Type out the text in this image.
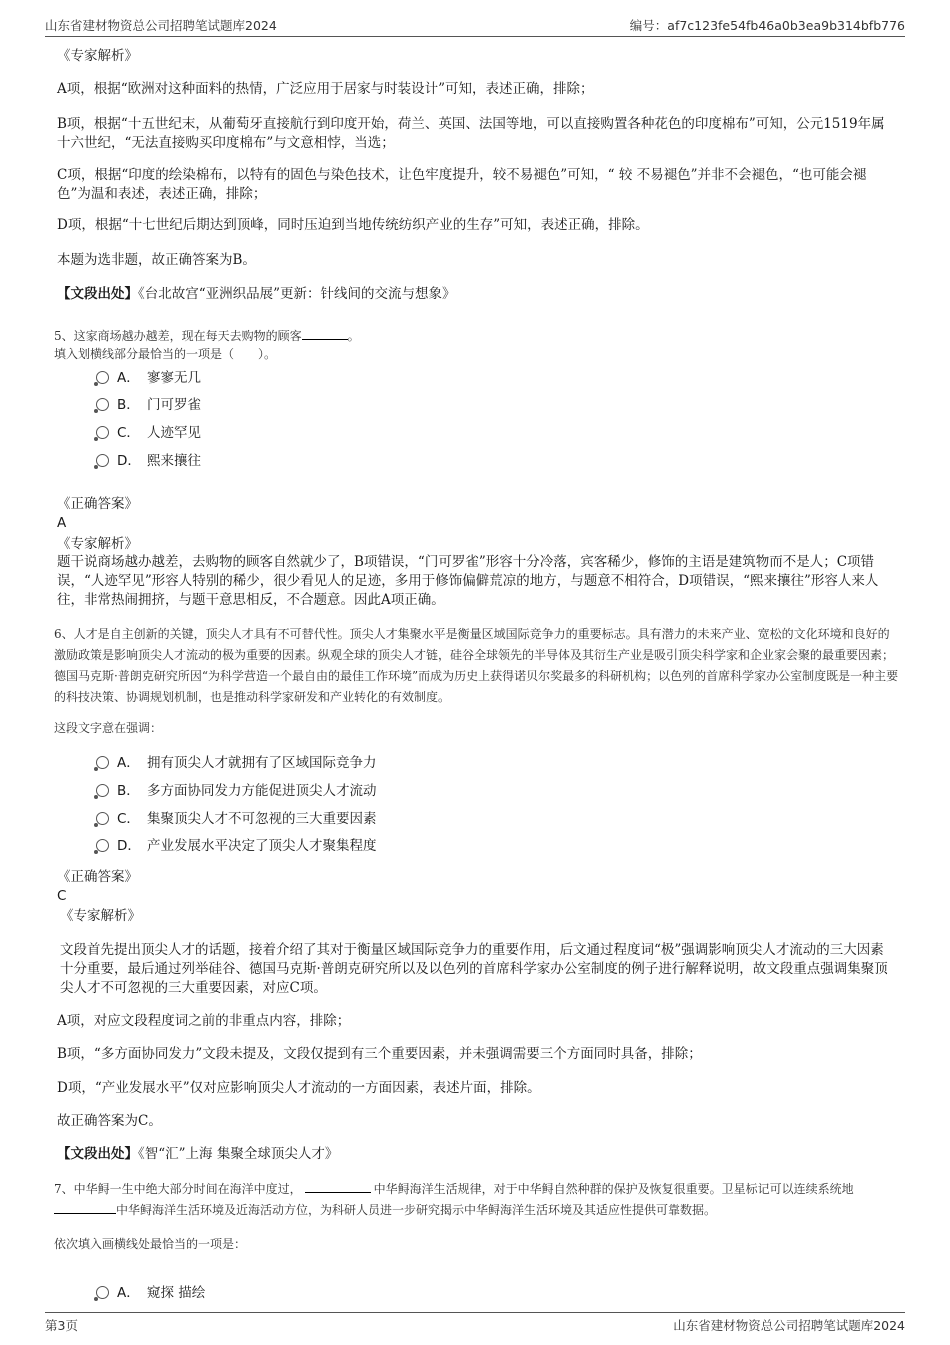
山东省建材物资总公司招聘笔试题库2024	编号：af7c123fe54fb46a0b3ea9b314bfb776

《专家解析》

A项，根据“欧洲对这种面料的热情，广泛应用于居家与时装设计”可知，表述正确，排除；

B项，根据“十五世纪末，从葡萄牙直接航行到印度开始，荷兰、英国、法国等地，可以直接购置各种花色的印度棉布”可知，公元1519年属十六世纪，“无法直接购买印度棉布”与文意相悖，当选；

C项，根据“印度的绘染棉布，以特有的固色与染色技术，让色牢度提升，较不易褪色”可知，“ 较 不易褪色”并非不会褪色，“也可能会褪色”为温和表述，表述正确，排除；

D项，根据“十七世纪后期达到顶峰，同时压迫到当地传统纺织产业的生存”可知，表述正确，排除。

本题为选非题，故正确答案为B。

【文段出处】《台北故宫“亚洲织品展”更新：针线间的交流与想象》

5、这家商场越办越差，现在每天去购物的顾客	。

填入划横线部分最恰当的一项是（　　）。

A． 寥寥无几
B． 门可罗雀
C． 人迹罕见
D． 熙来攘往

《正确答案》

A

《专家解析》

题干说商场越办越差，去购物的顾客自然就少了，B项错误，“门可罗雀”形容十分冷落，宾客稀少，修饰的主语是建筑物而不是人；C项错误，“人迹罕见”形容人特别的稀少，很少看见人的足迹，多用于修饰偏僻荒凉的地方，与题意不相符合，D项错误，“熙来攘往”形容人来人往，非常热闹拥挤，与题干意思相反，不合题意。因此A项正确。

6、人才是自主创新的关键，顶尖人才具有不可替代性。顶尖人才集聚水平是衡量区域国际竞争力的重要标志。具有潜力的未来产业、宽松的文化环境和良好的激励政策是影响顶尖人才流动的极为重要的因素。纵观全球的顶尖人才链，硅谷全球领先的半导体及其衍生产业是吸引顶尖科学家和企业家会聚的最重要因素；德国马克斯·普朗克研究所因“为科学营造一个最自由的最佳工作环境”而成为历史上获得诺贝尔奖最多的科研机构；以色列的首席科学家办公室制度既是一种主要的科技决策、协调规划机制，也是推动科学家研发和产业转化的有效制度。

这段文字意在强调：

A． 拥有顶尖人才就拥有了区域国际竞争力
B． 多方面协同发力方能促进顶尖人才流动
C． 集聚顶尖人才不可忽视的三大重要因素
D． 产业发展水平决定了顶尖人才聚集程度

《正确答案》

C

《专家解析》

文段首先提出顶尖人才的话题，接着介绍了其对于衡量区域国际竞争力的重要作用，后文通过程度词“极”强调影响顶尖人才流动的三大因素十分重要，最后通过列举硅谷、德国马克斯·普朗克研究所以及以色列的首席科学家办公室制度的例子进行解释说明，故文段重点强调集聚顶尖人才不可忽视的三大重要因素，对应C项。

A项，对应文段程度词之前的非重点内容，排除；

B项，“多方面协同发力”文段未提及，文段仅提到有三个重要因素，并未强调需要三个方面同时具备，排除；

D项，“产业发展水平”仅对应影响顶尖人才流动的一方面因素，表述片面，排除。

故正确答案为C。

【文段出处】《智“汇”上海 集聚全球顶尖人才》

7、中华鲟一生中绝大部分时间在海洋中度过，	中华鲟海洋生活规律，对于中华鲟自然种群的保护及恢复很重要。卫星标记可以连续系统地 中华鲟海洋生活环境及近海活动方位，为科研人员进一步研究揭示中华鲟海洋生活环境及其适应性提供可靠数据。

依次填入画横线处最恰当的一项是：

A． 窥探 描绘
第3页	山东省建材物资总公司招聘笔试题库2024
